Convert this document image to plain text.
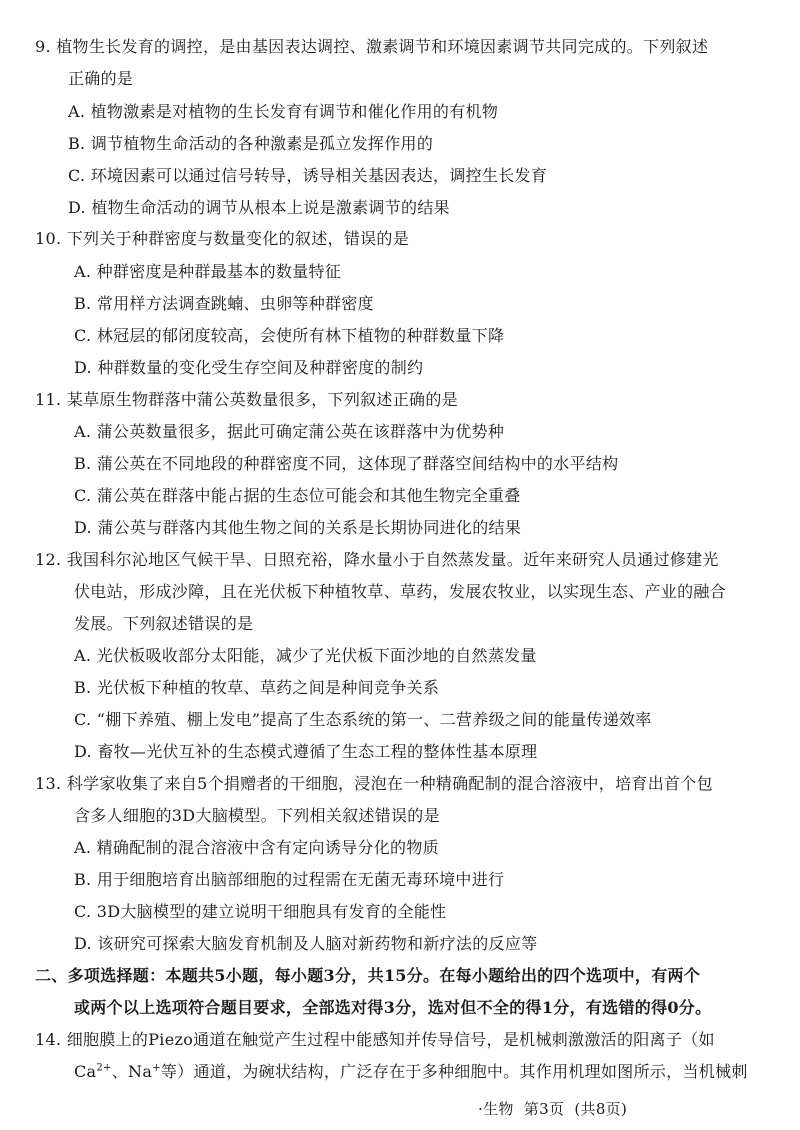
9. 植物生长发育的调控，是由基因表达调控、激素调节和环境因素调节共同完成的。下列叙述
正确的是
A. 植物激素是对植物的生长发育有调节和催化作用的有机物
B. 调节植物生命活动的各种激素是孤立发挥作用的
C. 环境因素可以通过信号转导，诱导相关基因表达，调控生长发育
D. 植物生命活动的调节从根本上说是激素调节的结果
10. 下列关于种群密度与数量变化的叙述，错误的是
A. 种群密度是种群最基本的数量特征
B. 常用样方法调查跳蝻、虫卵等种群密度
C. 林冠层的郁闭度较高，会使所有林下植物的种群数量下降
D. 种群数量的变化受生存空间及种群密度的制约
11. 某草原生物群落中蒲公英数量很多，下列叙述正确的是
A. 蒲公英数量很多，据此可确定蒲公英在该群落中为优势种
B. 蒲公英在不同地段的种群密度不同，这体现了群落空间结构中的水平结构
C. 蒲公英在群落中能占据的生态位可能会和其他生物完全重叠
D. 蒲公英与群落内其他生物之间的关系是长期协同进化的结果
12. 我国科尔沁地区气候干旱、日照充裕，降水量小于自然蒸发量。近年来研究人员通过修建光
伏电站，形成沙障，且在光伏板下种植牧草、草药，发展农牧业，以实现生态、产业的融合
发展。下列叙述错误的是
A. 光伏板吸收部分太阳能，减少了光伏板下面沙地的自然蒸发量
B. 光伏板下种植的牧草、草药之间是种间竞争关系
C. “棚下养殖、棚上发电”提高了生态系统的第一、二营养级之间的能量传递效率
D. 畜牧—光伏互补的生态模式遵循了生态工程的整体性基本原理
13. 科学家收集了来自5个捐赠者的干细胞，浸泡在一种精确配制的混合溶液中，培育出首个包
含多人细胞的3D大脑模型。下列相关叙述错误的是
A. 精确配制的混合溶液中含有定向诱导分化的物质
B. 用于细胞培育出脑部细胞的过程需在无菌无毒环境中进行
C. 3D大脑模型的建立说明干细胞具有发育的全能性
D. 该研究可探索大脑发育机制及人脑对新药物和新疗法的反应等
二、多项选择题：本题共5小题，每小题3分，共15分。在每小题给出的四个选项中，有两个
或两个以上选项符合题目要求，全部选对得3分，选对但不全的得1分，有选错的得0分。
14. 细胞膜上的Piezo通道在触觉产生过程中能感知并传导信号，是机械刺激激活的阳离子（如
$Ca^{2+}$、Na+等）通道，为碗状结构，广泛存在于多种细胞中。其作用机理如图所示，当机械刺
·生物  第3页  (共8页)
